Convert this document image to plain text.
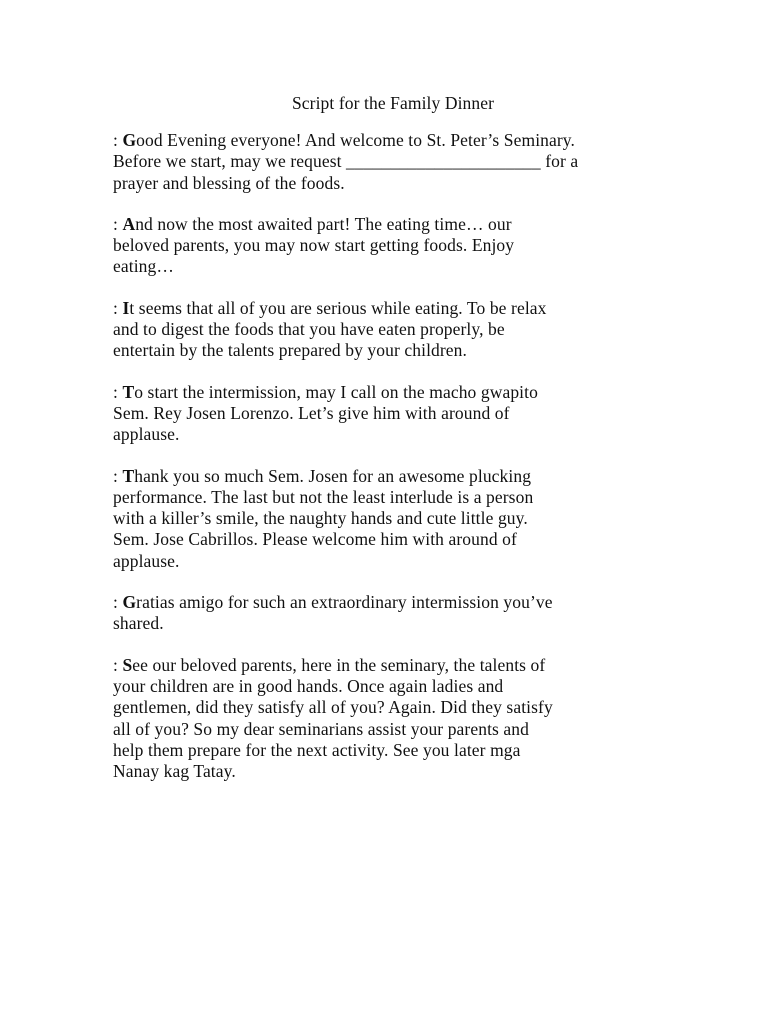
Script for the Family Dinner
: Good Evening everyone! And welcome to St. Peter’s Seminary.
Before we start, may we request ______________________ for a
prayer and blessing of the foods.
: And now the most awaited part! The eating time… our
beloved parents, you may now start getting foods. Enjoy
eating…
: It seems that all of you are serious while eating. To be relax
and to digest the foods that you have eaten properly, be
entertain by the talents prepared by your children.
: To start the intermission, may I call on the macho gwapito
Sem. Rey Josen Lorenzo. Let’s give him with around of
applause.
: Thank you so much Sem. Josen for an awesome plucking
performance. The last but not the least interlude is a person
with a killer’s smile, the naughty hands and cute little guy.
Sem. Jose Cabrillos. Please welcome him with around of
applause.
: Gratias amigo for such an extraordinary intermission you’ve
shared.
: See our beloved parents, here in the seminary, the talents of
your children are in good hands. Once again ladies and
gentlemen, did they satisfy all of you? Again. Did they satisfy
all of you? So my dear seminarians assist your parents and
help them prepare for the next activity. See you later mga
Nanay kag Tatay.
